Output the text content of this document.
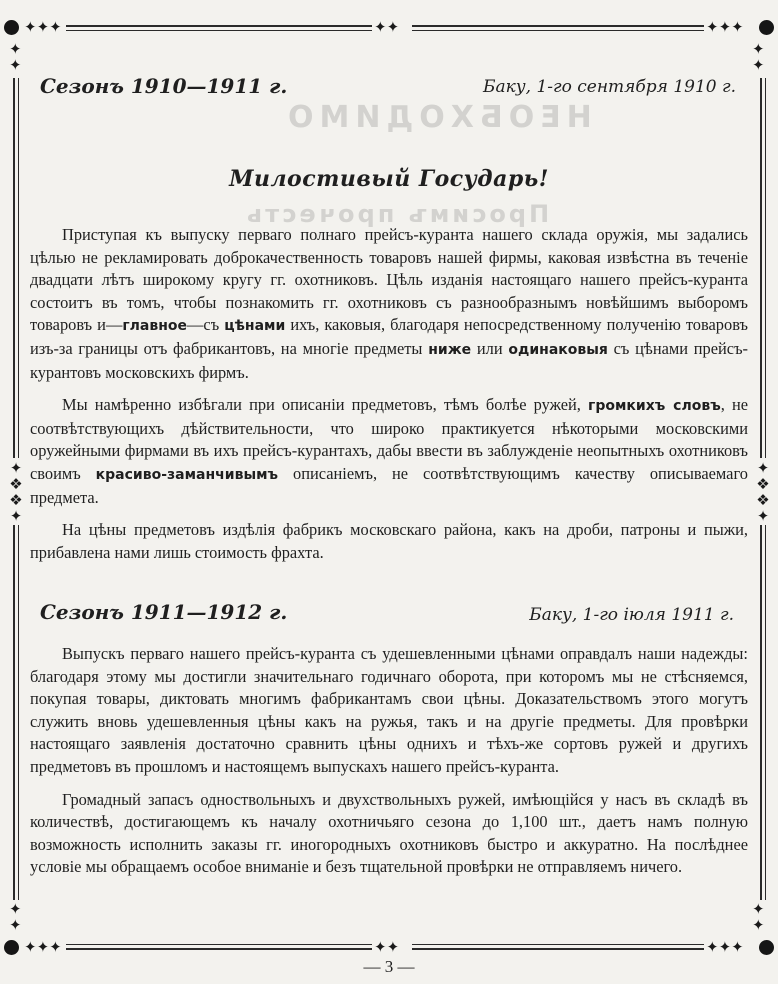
НЕОБХОДИМО
Просимъ прочесть
✦✦✦	✦✦✦
✦✦
✦
✦
✦
✦
✦
❖
❖
✦
✦
❖
❖
✦
✦
✦
✦
✦
✦✦✦	✦✦✦
✦✦
Сезонъ 1910—1911 г.	Баку, 1-го сентября 1910 г.
Милостивый Государь!

Приступая къ выпуску перваго полнаго прейсъ-куранта нашего склада оружія, мы задались цѣлью не рекламировать доброкачественность товаровъ нашей фирмы, каковая извѣстна въ теченіе двадцати лѣтъ широкому кругу гг. охотниковъ. Цѣль изданія настоящаго нашего прейсъ-куранта состоитъ въ томъ, чтобы познакомить гг. охотниковъ съ разнообразнымъ новѣйшимъ выборомъ товаровъ и—главное—съ цѣнами ихъ, каковыя, благодаря непосредственному полученію товаровъ изъ-за границы отъ фабрикантовъ, на многіе предметы ниже или одинаковыя съ цѣнами прейсъ-курантовъ московскихъ фирмъ.

Мы намѣренно избѣгали при описаніи предметовъ, тѣмъ болѣе ружей, громкихъ словъ, не соотвѣтствующихъ дѣйствительности, что широко практикуется нѣкоторыми московскими оружейными фирмами въ ихъ прейсъ-курантахъ, дабы ввести въ заблужденіе неопытныхъ охотниковъ своимъ красиво-заманчивымъ описаніемъ, не соотвѣтствующимъ качеству описываемаго предмета.

На цѣны предметовъ издѣлія фабрикъ московскаго района, какъ на дроби, патроны и пыжи, прибавлена нами лишь стоимость фрахта.

Сезонъ 1911—1912 г.	Баку, 1-го іюля 1911 г.

Выпускъ перваго нашего прейсъ-куранта съ удешевленными цѣнами оправдалъ наши надежды: благодаря этому мы достигли значительнаго годичнаго оборота, при которомъ мы не стѣсняемся, покупая товары, диктовать многимъ фабрикантамъ свои цѣны. Доказательствомъ этого могутъ служить вновь удешевленныя цѣны какъ на ружья, такъ и на другіе предметы. Для провѣрки настоящаго заявленія достаточно сравнить цѣны одниxъ и тѣхъ-же сортовъ ружей и другихъ предметовъ въ прошломъ и настоящемъ выпускахъ нашего прейсъ-куранта.

Громадный запасъ одноствольныхъ и двухствольныхъ ружей, имѣющійся у насъ въ складѣ въ количествѣ, достигающемъ къ началу охотничьяго сезона до 1,100 шт., даетъ намъ полную возможность исполнить заказы гг. иногородныхъ охотниковъ быстро и аккуратно. На послѣднее условіе мы обращаемъ особое вниманіе и безъ тщательной провѣрки не отправляемъ ничего.

— 3 —
